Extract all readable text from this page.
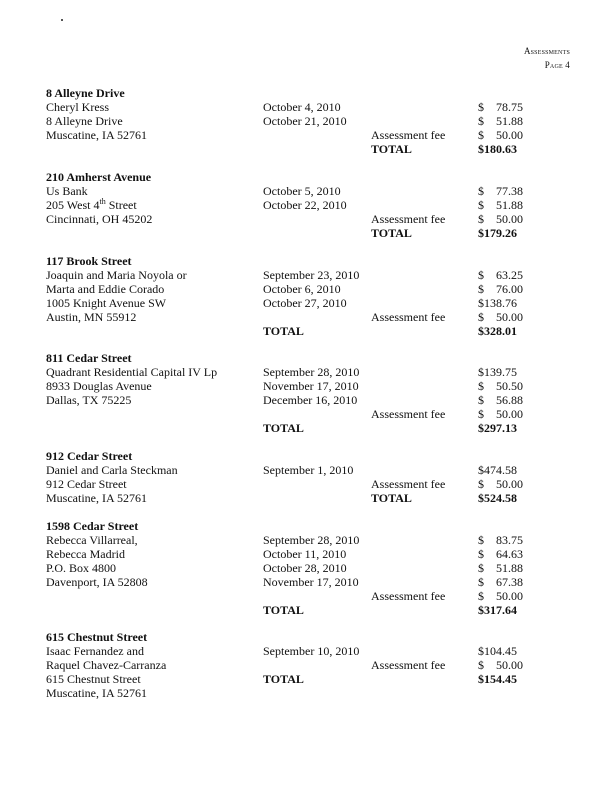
Assessments
Page 4
8 Alleyne Drive
Cheryl Kress	October 4, 2010	$ 78.75
8 Alleyne Drive	October 21, 2010	$ 51.88
Muscatine, IA 52761	Assessment fee	$ 50.00
TOTAL	$180.63
210 Amherst Avenue
Us Bank	October 5, 2010	$ 77.38
205 West 4th Street	October 22, 2010	$ 51.88
Cincinnati, OH 45202	Assessment fee	$ 50.00
TOTAL	$179.26
117 Brook Street
Joaquin and Maria Noyola or	September 23, 2010	$ 63.25
Marta and Eddie Corado	October 6, 2010	$ 76.00
1005 Knight Avenue SW	October 27, 2010	$138.76
Austin, MN 55912	Assessment fee	$ 50.00
TOTAL	$328.01
811 Cedar Street
Quadrant Residential Capital IV Lp	September 28, 2010	$139.75
8933 Douglas Avenue	November 17, 2010	$ 50.50
Dallas, TX 75225	December 16, 2010	$ 56.88
Assessment fee	$ 50.00
TOTAL	$297.13
912 Cedar Street
Daniel and Carla Steckman	September 1, 2010	$474.58
912 Cedar Street	Assessment fee	$ 50.00
Muscatine, IA 52761	TOTAL	$524.58
1598 Cedar Street
Rebecca Villarreal,	September 28, 2010	$ 83.75
Rebecca Madrid	October 11, 2010	$ 64.63
P.O. Box 4800	October 28, 2010	$ 51.88
Davenport, IA 52808	November 17, 2010	$ 67.38
Assessment fee	$ 50.00
TOTAL	$317.64
615 Chestnut Street
Isaac Fernandez and	September 10, 2010	$104.45
Raquel Chavez-Carranza	Assessment fee	$ 50.00
615 Chestnut Street	TOTAL	$154.45
Muscatine, IA 52761
